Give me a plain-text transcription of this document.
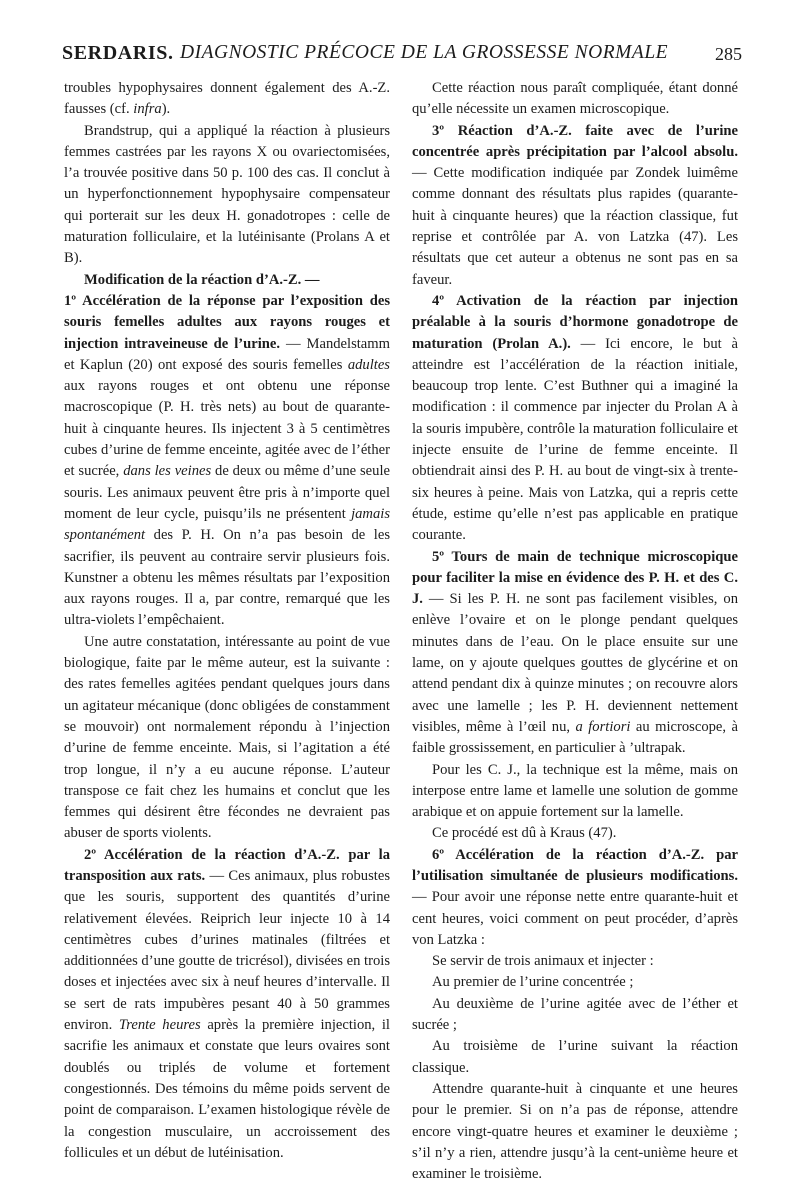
SERDARIS. DIAGNOSTIC PRÉCOCE DE LA GROSSESSE NORMALE	285

troubles hypophysaires donnent également des A.-Z. fausses (cf. infra).

Brandstrup, qui a appliqué la réaction à plusieurs femmes castrées par les rayons X ou ovariectomisées, l’a trouvée positive dans 50 p. 100 des cas. Il conclut à un hyperfonctionnement hypophysaire compensateur qui porterait sur les deux H. gonadotropes : celle de maturation folliculaire, et la lutéinisante (Prolans A et B).

Modification de la réaction d’A.-Z. —
1º Accélération de la réponse par l’exposition des souris femelles adultes aux rayons rouges et injection intraveineuse de l’urine. — Mandelstamm et Kaplun (20) ont exposé des souris femelles adultes aux rayons rouges et ont obtenu une réponse macroscopique (P. H. très nets) au bout de quarante-huit à cinquante heures. Ils injectent 3 à 5 centimètres cubes d’urine de femme enceinte, agitée avec de l’éther et sucrée, dans les veines de deux ou même d’une seule souris. Les animaux peuvent être pris à n’importe quel moment de leur cycle, puisqu’ils ne présentent jamais spontanément des P. H. On n’a pas besoin de les sacrifier, ils peuvent au contraire servir plusieurs fois. Kunstner a obtenu les mêmes résultats par l’exposition aux rayons rouges. Il a, par contre, remarqué que les ultra-violets l’empêchaient.

Une autre constatation, intéressante au point de vue biologique, faite par le même auteur, est la suivante : des rates femelles agitées pendant quelques jours dans un agitateur mécanique (donc obligées de constamment se mouvoir) ont normalement répondu à l’injection d’urine de femme enceinte. Mais, si l’agitation a été trop longue, il n’y a eu aucune réponse. L’auteur transpose ce fait chez les humains et conclut que les femmes qui désirent être fécondes ne devraient pas abuser de sports violents.

2º Accélération de la réaction d’A.-Z. par la transposition aux rats. — Ces animaux, plus robustes que les souris, supportent des quantités d’urine relativement élevées. Reiprich leur injecte 10 à 14 centimètres cubes d’urines matinales (filtrées et additionnées d’une goutte de tricrésol), divisées en trois doses et injectées avec six à neuf heures d’intervalle. Il se sert de rats impubères pesant 40 à 50 grammes environ. Trente heures après la première injection, il sacrifie les animaux et constate que leurs ovaires sont doublés ou triplés de volume et fortement congestionnés. Des témoins du même poids servent de point de comparaison. L’examen histologique révèle de la congestion musculaire, un accroissement des follicules et un début de lutéinisation.

Cette réaction nous paraît compliquée, étant donné qu’elle nécessite un examen microscopique.

3º Réaction d’A.-Z. faite avec de l’urine concentrée après précipitation par l’alcool absolu. — Cette modification indiquée par Zondek luimême comme donnant des résultats plus rapides (quarante-huit à cinquante heures) que la réaction classique, fut reprise et contrôlée par A. von Latzka (47). Les résultats que cet auteur a obtenus ne sont pas en sa faveur.

4º Activation de la réaction par injection préalable à la souris d’hormone gonadotrope de maturation (Prolan A.). — Ici encore, le but à atteindre est l’accélération de la réaction initiale, beaucoup trop lente. C’est Buthner qui a imaginé la modification : il commence par injecter du Prolan A à la souris impubère, contrôle la maturation folliculaire et injecte ensuite de l’urine de femme enceinte. Il obtiendrait ainsi des P. H. au bout de vingt-six à trente-six heures à peine. Mais von Latzka, qui a repris cette étude, estime qu’elle n’est pas applicable en pratique courante.

5º Tours de main de technique microscopique pour faciliter la mise en évidence des P. H. et des C. J. — Si les P. H. ne sont pas facilement visibles, on enlève l’ovaire et on le plonge pendant quelques minutes dans de l’eau. On le place ensuite sur une lame, on y ajoute quelques gouttes de glycérine et on attend pendant dix à quinze minutes ; on recouvre alors avec une lamelle ; les P. H. deviennent nettement visibles, même à l’œil nu, a fortiori au microscope, à faible grossissement, en particulier à ’ultrapak.

Pour les C. J., la technique est la même, mais on interpose entre lame et lamelle une solution de gomme arabique et on appuie fortement sur la lamelle.

Ce procédé est dû à Kraus (47).

6º Accélération de la réaction d’A.-Z. par l’utilisation simultanée de plusieurs modifications. — Pour avoir une réponse nette entre quarante-huit et cent heures, voici comment on peut procéder, d’après von Latzka :

Se servir de trois animaux et injecter :

Au premier de l’urine concentrée ;

Au deuxième de l’urine agitée avec de l’éther et sucrée ;

Au troisième de l’urine suivant la réaction classique.

Attendre quarante-huit à cinquante et une heures pour le premier. Si on n’a pas de réponse, attendre encore vingt-quatre heures et examiner le deuxième ; s’il n’y a rien, attendre jusqu’à la cent-unième heure et examiner le troisième.
